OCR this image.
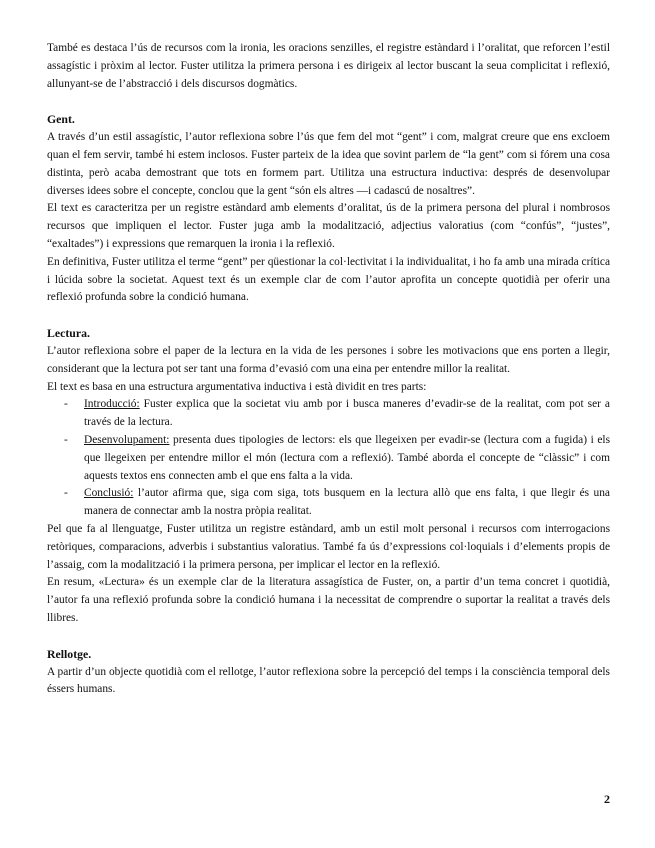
També es destaca l’ús de recursos com la ironia, les oracions senzilles, el registre estàndard i l’oralitat, que reforcen l’estil assagístic i pròxim al lector. Fuster utilitza la primera persona i es dirigeix al lector buscant la seua complicitat i reflexió, allunyant-se de l’abstracció i dels discursos dogmàtics.

Gent.

A través d’un estil assagístic, l’autor reflexiona sobre l’ús que fem del mot “gent” i com, malgrat creure que ens excloem quan el fem servir, també hi estem inclosos. Fuster parteix de la idea que sovint parlem de “la gent” com si fórem una cosa distinta, però acaba demostrant que tots en formem part. Utilitza una estructura inductiva: després de desenvolupar diverses idees sobre el concepte, conclou que la gent “són els altres —i cadascú de nosaltres”.

El text es caracteritza per un registre estàndard amb elements d’oralitat, ús de la primera persona del plural i nombrosos recursos que impliquen el lector. Fuster juga amb la modalització, adjectius valoratius (com “confús”, “justes”, “exaltades”) i expressions que remarquen la ironia i la reflexió.

En definitiva, Fuster utilitza el terme “gent” per qüestionar la col·lectivitat i la individualitat, i ho fa amb una mirada crítica i lúcida sobre la societat. Aquest text és un exemple clar de com l’autor aprofita un concepte quotidià per oferir una reflexió profunda sobre la condició humana.

Lectura.

L’autor reflexiona sobre el paper de la lectura en la vida de les persones i sobre les motivacions que ens porten a llegir, considerant que la lectura pot ser tant una forma d’evasió com una eina per entendre millor la realitat.

El text es basa en una estructura argumentativa inductiva i està dividit en tres parts:

- Introducció: Fuster explica que la societat viu amb por i busca maneres d’evadir-se de la realitat, com pot ser a través de la lectura.
- Desenvolupament: presenta dues tipologies de lectors: els que llegeixen per evadir-se (lectura com a fugida) i els que llegeixen per entendre millor el món (lectura com a reflexió). També aborda el concepte de “clàssic” i com aquests textos ens connecten amb el que ens falta a la vida.
- Conclusió: l’autor afirma que, siga com siga, tots busquem en la lectura allò que ens falta, i que llegir és una manera de connectar amb la nostra pròpia realitat.

Pel que fa al llenguatge, Fuster utilitza un registre estàndard, amb un estil molt personal i recursos com interrogacions retòriques, comparacions, adverbis i substantius valoratius. També fa ús d’expressions col·loquials i d’elements propis de l’assaig, com la modalització i la primera persona, per implicar el lector en la reflexió.

En resum, «Lectura» és un exemple clar de la literatura assagística de Fuster, on, a partir d’un tema concret i quotidià, l’autor fa una reflexió profunda sobre la condició humana i la necessitat de comprendre o suportar la realitat a través dels llibres.

Rellotge.

A partir d’un objecte quotidià com el rellotge, l’autor reflexiona sobre la percepció del temps i la consciència temporal dels éssers humans.

2
